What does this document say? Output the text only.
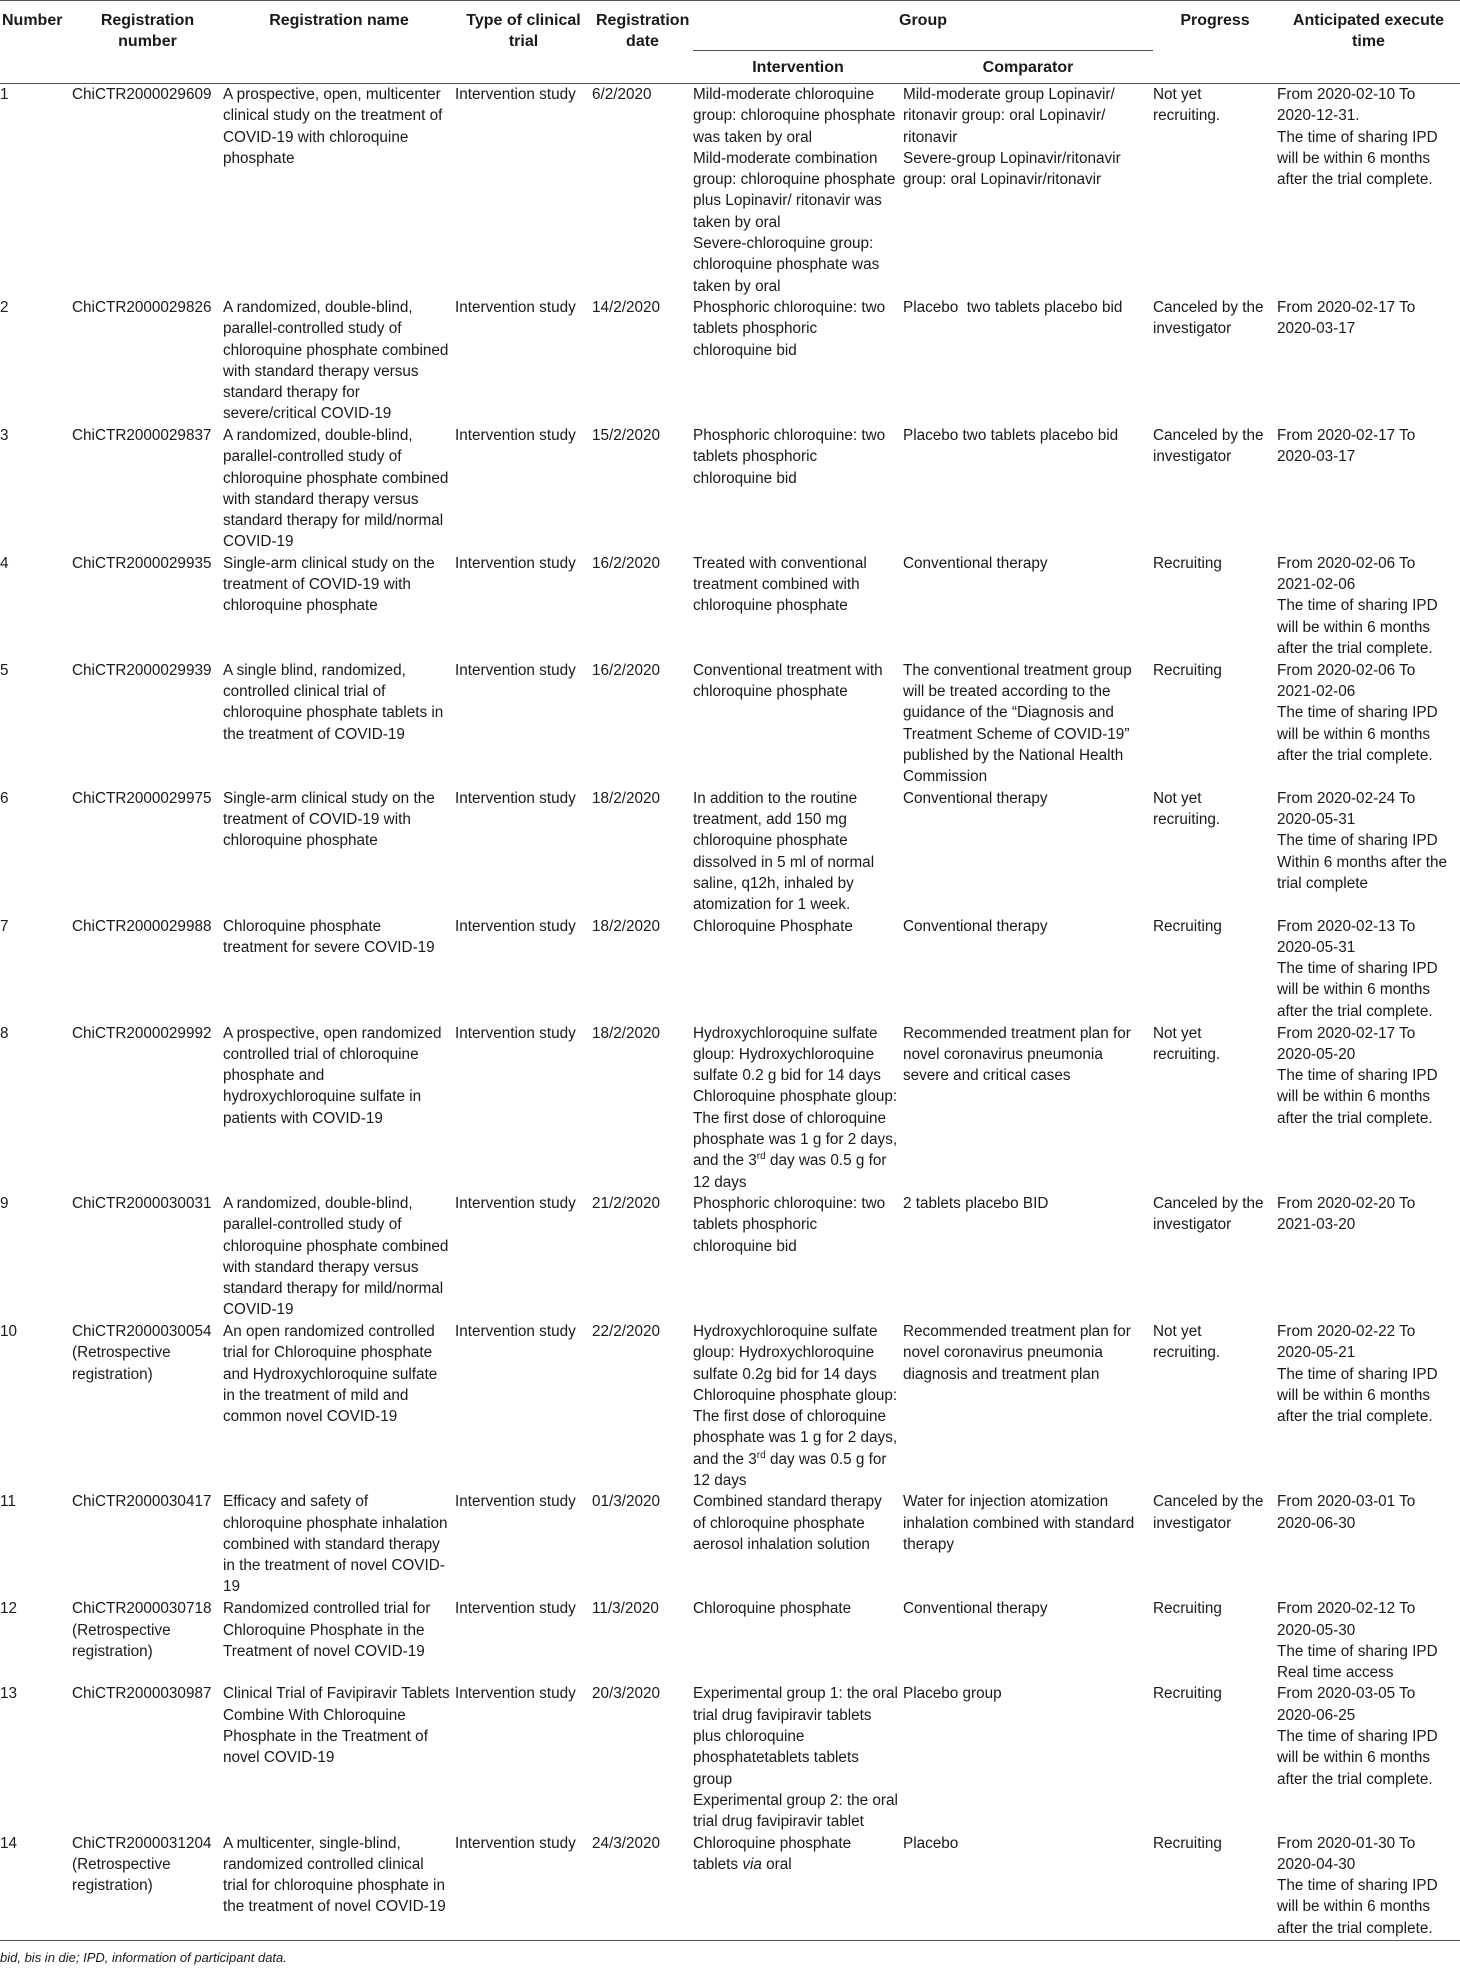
Number	Registration number	Registration name	Type of clinical trial	Registration date	Group		Progress	Anticipated execute time
					Intervention	Comparator		
1	ChiCTR2000029609	A prospective, open, multicenter clinical study on the treatment of COVID-19 with chloroquine phosphate	Intervention study	6/2/2020	Mild-moderate chloroquine group: chloroquine phosphate was taken by oral
Mild-moderate combination group: chloroquine phosphate plus Lopinavir/ ritonavir was taken by oral
Severe-chloroquine group: chloroquine phosphate was taken by oral	Mild-moderate group Lopinavir/ ritonavir group: oral Lopinavir/ ritonavir
Severe-group Lopinavir/ritonavir group: oral Lopinavir/ritonavir	Not yet recruiting.	From 2020-02-10 To 2020-12-31.
The time of sharing IPD will be within 6 months after the trial complete.
2	ChiCTR2000029826	A randomized, double-blind, parallel-controlled study of chloroquine phosphate combined with standard therapy versus standard therapy for severe/critical COVID-19	Intervention study	14/2/2020	Phosphoric chloroquine: two tablets phosphoric chloroquine bid	Placebo  two tablets placebo bid	Canceled by the investigator	From 2020-02-17 To 2020-03-17
3	ChiCTR2000029837	A randomized, double-blind, parallel-controlled study of chloroquine phosphate combined with standard therapy versus standard therapy for mild/normal COVID-19	Intervention study	15/2/2020	Phosphoric chloroquine: two tablets phosphoric chloroquine bid	Placebo two tablets placebo bid	Canceled by the investigator	From 2020-02-17 To 2020-03-17
4	ChiCTR2000029935	Single-arm clinical study on the treatment of COVID-19 with chloroquine phosphate	Intervention study	16/2/2020	Treated with conventional treatment combined with chloroquine phosphate	Conventional therapy	Recruiting	From 2020-02-06 To 2021-02-06
The time of sharing IPD will be within 6 months after the trial complete.
5	ChiCTR2000029939	A single blind, randomized, controlled clinical trial of chloroquine phosphate tablets in the treatment of COVID-19	Intervention study	16/2/2020	Conventional treatment with chloroquine phosphate	The conventional treatment group will be treated according to the guidance of the “Diagnosis and Treatment Scheme of COVID-19” published by the National Health Commission	Recruiting	From 2020-02-06 To 2021-02-06
The time of sharing IPD will be within 6 months after the trial complete.
6	ChiCTR2000029975	Single-arm clinical study on the treatment of COVID-19 with chloroquine phosphate	Intervention study	18/2/2020	In addition to the routine treatment, add 150 mg chloroquine phosphate dissolved in 5 ml of normal saline, q12h, inhaled by atomization for 1 week.	Conventional therapy	Not yet recruiting.	From 2020-02-24 To 2020-05-31
The time of sharing IPD Within 6 months after the trial complete
7	ChiCTR2000029988	Chloroquine phosphate treatment for severe COVID-19	Intervention study	18/2/2020	Chloroquine Phosphate	Conventional therapy	Recruiting	From 2020-02-13 To 2020-05-31
The time of sharing IPD will be within 6 months after the trial complete.
8	ChiCTR2000029992	A prospective, open randomized controlled trial of chloroquine phosphate and hydroxychloroquine sulfate in patients with COVID-19	Intervention study	18/2/2020	Hydroxychloroquine sulfate gloup: Hydroxychloroquine sulfate 0.2 g bid for 14 days
Chloroquine phosphate gloup: The first dose of chloroquine phosphate was 1 g for 2 days, and the 3rd day was 0.5 g for 12 days	Recommended treatment plan for novel coronavirus pneumonia severe and critical cases	Not yet recruiting.	From 2020-02-17 To 2020-05-20
The time of sharing IPD will be within 6 months after the trial complete.
9	ChiCTR2000030031	A randomized, double-blind, parallel-controlled study of chloroquine phosphate combined with standard therapy versus standard therapy for mild/normal COVID-19	Intervention study	21/2/2020	Phosphoric chloroquine: two tablets phosphoric chloroquine bid	2 tablets placebo BID	Canceled by the investigator	From 2020-02-20 To 2021-03-20
10	ChiCTR2000030054 (Retrospective registration)	An open randomized controlled trial for Chloroquine phosphate and Hydroxychloroquine sulfate in the treatment of mild and common novel COVID-19	Intervention study	22/2/2020	Hydroxychloroquine sulfate gloup: Hydroxychloroquine sulfate 0.2g bid for 14 days
Chloroquine phosphate gloup: The first dose of chloroquine phosphate was 1 g for 2 days, and the 3rd day was 0.5 g for 12 days	Recommended treatment plan for novel coronavirus pneumonia diagnosis and treatment plan	Not yet recruiting.	From 2020-02-22 To 2020-05-21
The time of sharing IPD will be within 6 months after the trial complete.
11	ChiCTR2000030417	Efficacy and safety of chloroquine phosphate inhalation combined with standard therapy in the treatment of novel COVID-19	Intervention study	01/3/2020	Combined standard therapy of chloroquine phosphate aerosol inhalation solution	Water for injection atomization inhalation combined with standard therapy	Canceled by the investigator	From 2020-03-01 To 2020-06-30
12	ChiCTR2000030718 (Retrospective registration)	Randomized controlled trial for Chloroquine Phosphate in the Treatment of novel COVID-19	Intervention study	11/3/2020	Chloroquine phosphate	Conventional therapy	Recruiting	From 2020-02-12 To 2020-05-30
The time of sharing IPD Real time access
13	ChiCTR2000030987	Clinical Trial of Favipiravir Tablets Combine With Chloroquine Phosphate in the Treatment of novel COVID-19	Intervention study	20/3/2020	Experimental group 1: the oral trial drug favipiravir tablets plus chloroquine phosphatetablets tablets group
Experimental group 2: the oral trial drug favipiravir tablet	Placebo group	Recruiting	From 2020-03-05 To 2020-06-25
The time of sharing IPD will be within 6 months after the trial complete.
14	ChiCTR2000031204 (Retrospective registration)	A multicenter, single-blind, randomized controlled clinical trial for chloroquine phosphate in the treatment of novel COVID-19	Intervention study	24/3/2020	Chloroquine phosphate tablets via oral	Placebo	Recruiting	From 2020-01-30 To 2020-04-30
The time of sharing IPD will be within 6 months after the trial complete.
bid, bis in die; IPD, information of participant data.
